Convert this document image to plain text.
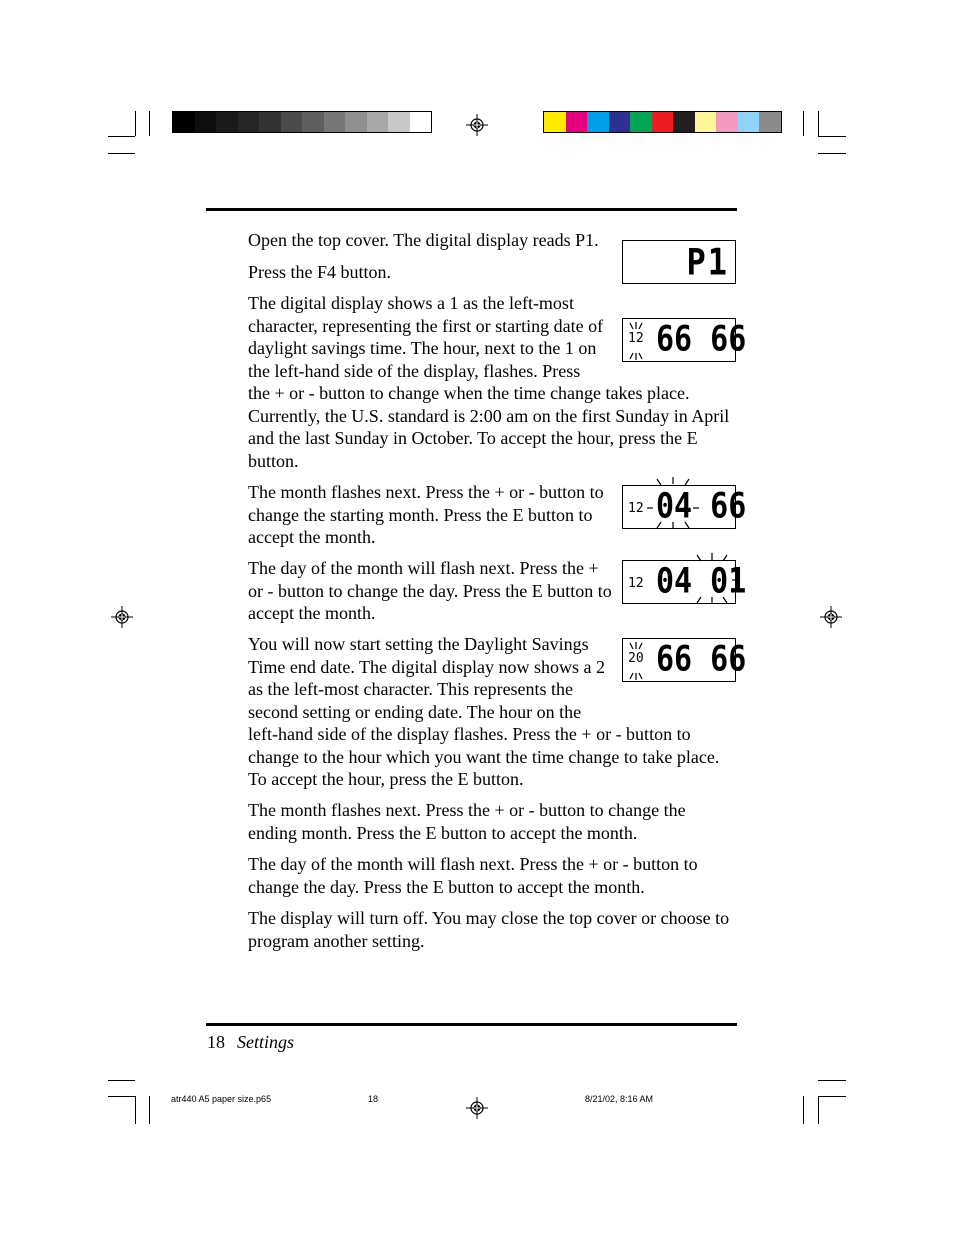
Open the top cover. The digital display reads P1.

Press the F4 button.

The digital display shows a 1 as the left-most character, representing the first or starting date of daylight savings time. The hour, next to the 1 on the left-hand side of the display, flashes. Press

the + or - button to change when the time change takes place. Currently, the U.S. standard is 2:00 am on the first Sunday in April and the last Sunday in October. To accept the hour, press the E button.

The month flashes next. Press the + or - button to change the starting month. Press the E button to accept the month.

The day of the month will flash next. Press the + or - button to change the day. Press the E button to accept the month.

You will now start setting the Daylight Savings Time end date. The digital display now shows a 2 as the left-most character. This represents the second setting or ending date. The hour on the

left-hand side of the display flashes. Press the + or - button to change to the hour which you want the time change to take place. To accept the hour, press the E button.

The month flashes next. Press the + or - button to change the ending month. Press the E button to accept the month.

The day of the month will flash next. Press the + or - button to change the day. Press the E button to accept the month.

The display will turn off. You may close the top cover or choose to program another setting.

P1
12 66 66
12 04 66
12 04 01
20 66 66
18 Settings
atr440 A5 paper size.p65	18	8/21/02, 8:16 AM
